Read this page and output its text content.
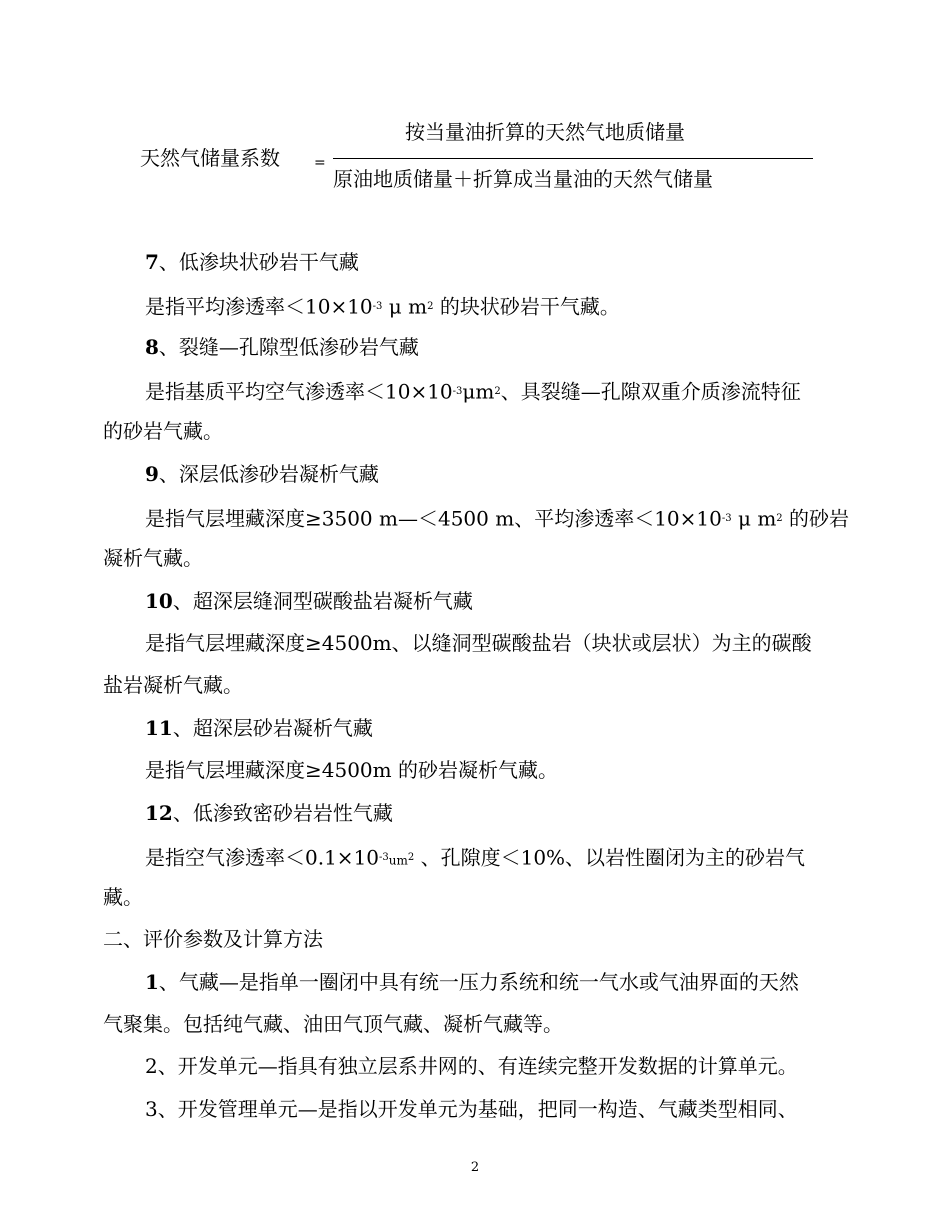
天然气储量系数 =
按当量油折算的天然气地质储量
原油地质储量＋折算成当量油的天然气储量
7、低渗块状砂岩干气藏
是指平均渗透率$<10\times 10^{-3}$ μ $m^2$ 的块状砂岩干气藏。
8、裂缝—孔隙型低渗砂岩气藏
是指基质平均空气渗透率$<10\times 10^{-3}\mu m^2$、具裂缝—孔隙双重介质渗流特征
的砂岩气藏。
9、深层低渗砂岩凝析气藏
是指气层埋藏深度≥3500 m—＜4500 m、平均渗透率$<10\times 10^{-3}$ μ $m^2$ 的砂岩
凝析气藏。
10、超深层缝洞型碳酸盐岩凝析气藏
是指气层埋藏深度≥4500m、以缝洞型碳酸盐岩（块状或层状）为主的碳酸
盐岩凝析气藏。
11、超深层砂岩凝析气藏
是指气层埋藏深度≥4500m 的砂岩凝析气藏。
12、低渗致密砂岩岩性气藏
是指空气渗透率$<0.1\times 10^{-3}um^2$ 、孔隙度＜10%、以岩性圈闭为主的砂岩气
藏。
二、评价参数及计算方法
1、气藏—是指单一圈闭中具有统一压力系统和统一气水或气油界面的天然
气聚集。包括纯气藏、油田气顶气藏、凝析气藏等。
2、开发单元—指具有独立层系井网的、有连续完整开发数据的计算单元。
3、开发管理单元—是指以开发单元为基础，把同一构造、气藏类型相同、
2
